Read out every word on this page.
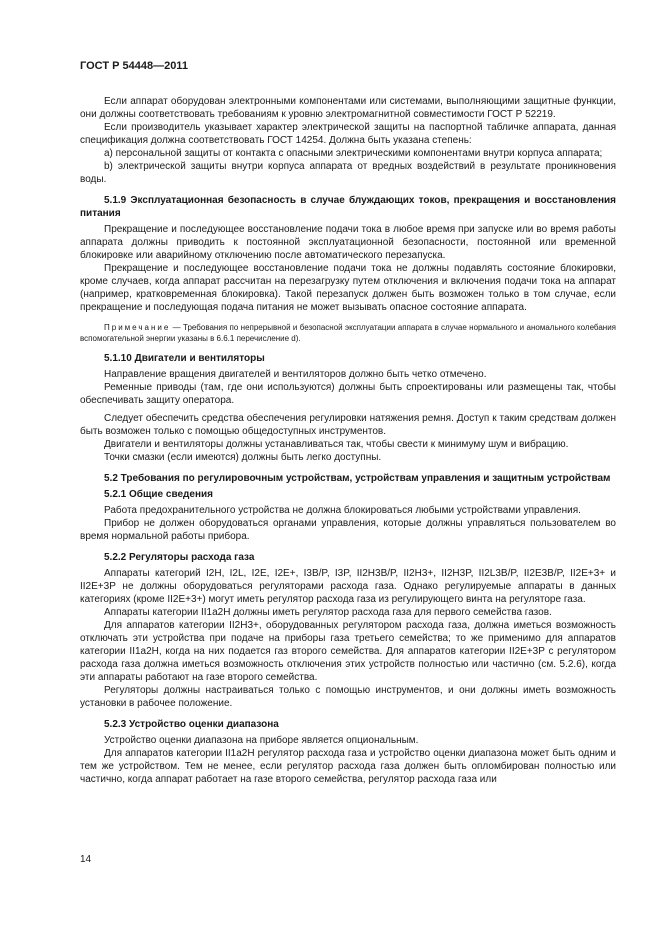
ГОСТ Р 54448—2011

Если аппарат оборудован электронными компонентами или системами, выполняющими защитные функции, они должны соответствовать требованиям к уровню электромагнитной совместимости ГОСТ Р 52219.

Если производитель указывает характер электрической защиты на паспортной табличке аппарата, данная спецификация должна соответствовать ГОСТ 14254. Должна быть указана степень:

а) персональной защиты от контакта с опасными электрическими компонентами внутри корпуса аппарата;

b) электрической защиты внутри корпуса аппарата от вредных воздействий в результате проникновения воды.

5.1.9 Эксплуатационная безопасность в случае блуждающих токов, прекращения и восстановления питания

Прекращение и последующее восстановление подачи тока в любое время при запуске или во время работы аппарата должны приводить к постоянной эксплуатационной безопасности, постоянной или временной блокировке или аварийному отключению после автоматического перезапуска.

Прекращение и последующее восстановление подачи тока не должны подавлять состояние блокировки, кроме случаев, когда аппарат рассчитан на перезагрузку путем отключения и включения подачи тока на аппарат (например, кратковременная блокировка). Такой перезапуск должен быть возможен только в том случае, если прекращение и последующая подача питания не может вызывать опасное состояние аппарата.

Примечание — Требования по непрерывной и безопасной эксплуатации аппарата в случае нормального и аномального колебания вспомогательной энергии указаны в 6.6.1 перечисление d).

5.1.10 Двигатели и вентиляторы

Направление вращения двигателей и вентиляторов должно быть четко отмечено.

Ременные приводы (там, где они используются) должны быть спроектированы или размещены так, чтобы обеспечивать защиту оператора.

Следует обеспечить средства обеспечения регулировки натяжения ремня. Доступ к таким средствам должен быть возможен только с помощью общедоступных инструментов.

Двигатели и вентиляторы должны устанавливаться так, чтобы свести к минимуму шум и вибрацию.

Точки смазки (если имеются) должны быть легко доступны.

5.2 Требования по регулировочным устройствам, устройствам управления и защитным устройствам
5.2.1 Общие сведения

Работа предохранительного устройства не должна блокироваться любыми устройствами управления.

Прибор не должен оборудоваться органами управления, которые должны управляться пользователем во время нормальной работы прибора.

5.2.2 Регуляторы расхода газа

Аппараты категорий I2H, I2L, I2E, I2E+, I3B/P, I3P, II2H3B/P, II2H3+, II2H3P, II2L3B/P, II2E3B/P, II2E+3+ и II2E+3P не должны оборудоваться регуляторами расхода газа. Однако регулируемые аппараты в данных категориях (кроме II2E+3+) могут иметь регулятор расхода газа из регулирующего винта на регуляторе газа.

Аппараты категории II1a2H должны иметь регулятор расхода газа для первого семейства газов.

Для аппаратов категории II2H3+, оборудованных регулятором расхода газа, должна иметься возможность отключать эти устройства при подаче на приборы газа третьего семейства; то же применимо для аппаратов категории II1a2H, когда на них подается газ второго семейства. Для аппаратов категории II2E+3P с регулятором расхода газа должна иметься возможность отключения этих устройств полностью или частично (см. 5.2.6), когда эти аппараты работают на газе второго семейства.

Регуляторы должны настраиваться только с помощью инструментов, и они должны иметь возможность установки в рабочее положение.

5.2.3 Устройство оценки диапазона

Устройство оценки диапазона на приборе является опциональным.

Для аппаратов категории II1a2H регулятор расхода газа и устройство оценки диапазона может быть одним и тем же устройством. Тем не менее, если регулятор расхода газа должен быть опломбирован полностью или частично, когда аппарат работает на газе второго семейства, регулятор расхода газа или

14
